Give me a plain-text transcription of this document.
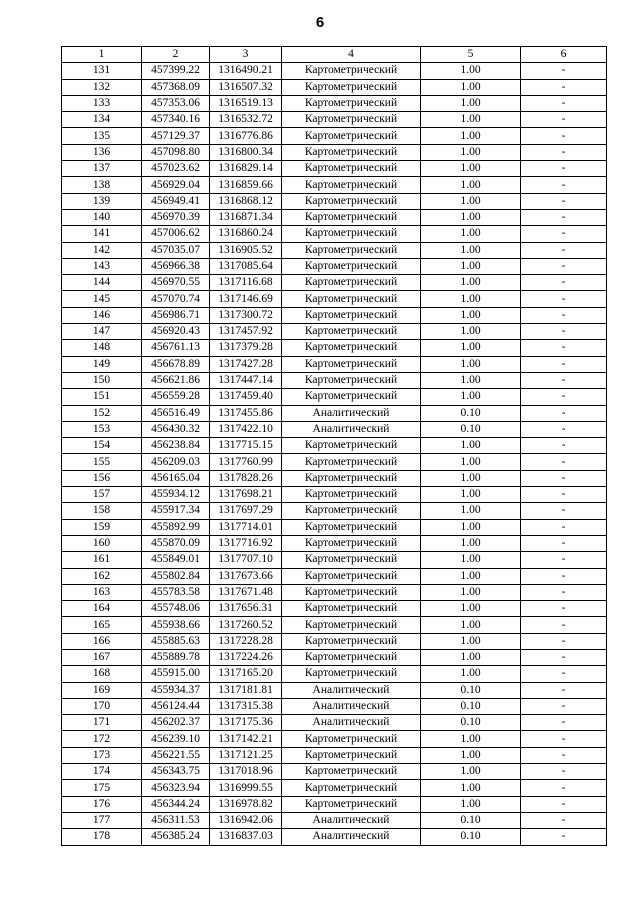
6
1	2	3	4	5	6
131	457399.22	1316490.21	Картометрический	1.00	-
132	457368.09	1316507.32	Картометрический	1.00	-
133	457353.06	1316519.13	Картометрический	1.00	-
134	457340.16	1316532.72	Картометрический	1.00	-
135	457129.37	1316776.86	Картометрический	1.00	-
136	457098.80	1316800.34	Картометрический	1.00	-
137	457023.62	1316829.14	Картометрический	1.00	-
138	456929.04	1316859.66	Картометрический	1.00	-
139	456949.41	1316868.12	Картометрический	1.00	-
140	456970.39	1316871.34	Картометрический	1.00	-
141	457006.62	1316860.24	Картометрический	1.00	-
142	457035.07	1316905.52	Картометрический	1.00	-
143	456966.38	1317085.64	Картометрический	1.00	-
144	456970.55	1317116.68	Картометрический	1.00	-
145	457070.74	1317146.69	Картометрический	1.00	-
146	456986.71	1317300.72	Картометрический	1.00	-
147	456920.43	1317457.92	Картометрический	1.00	-
148	456761.13	1317379.28	Картометрический	1.00	-
149	456678.89	1317427.28	Картометрический	1.00	-
150	456621.86	1317447.14	Картометрический	1.00	-
151	456559.28	1317459.40	Картометрический	1.00	-
152	456516.49	1317455.86	Аналитический	0.10	-
153	456430.32	1317422.10	Аналитический	0.10	-
154	456238.84	1317715.15	Картометрический	1.00	-
155	456209.03	1317760.99	Картометрический	1.00	-
156	456165.04	1317828.26	Картометрический	1.00	-
157	455934.12	1317698.21	Картометрический	1.00	-
158	455917.34	1317697.29	Картометрический	1.00	-
159	455892.99	1317714.01	Картометрический	1.00	-
160	455870.09	1317716.92	Картометрический	1.00	-
161	455849.01	1317707.10	Картометрический	1.00	-
162	455802.84	1317673.66	Картометрический	1.00	-
163	455783.58	1317671.48	Картометрический	1.00	-
164	455748.06	1317656.31	Картометрический	1.00	-
165	455938.66	1317260.52	Картометрический	1.00	-
166	455885.63	1317228.28	Картометрический	1.00	-
167	455889.78	1317224.26	Картометрический	1.00	-
168	455915.00	1317165.20	Картометрический	1.00	-
169	455934.37	1317181.81	Аналитический	0.10	-
170	456124.44	1317315.38	Аналитический	0.10	-
171	456202.37	1317175.36	Аналитический	0.10	-
172	456239.10	1317142.21	Картометрический	1.00	-
173	456221.55	1317121.25	Картометрический	1.00	-
174	456343.75	1317018.96	Картометрический	1.00	-
175	456323.94	1316999.55	Картометрический	1.00	-
176	456344.24	1316978.82	Картометрический	1.00	-
177	456311.53	1316942.06	Аналитический	0.10	-
178	456385.24	1316837.03	Аналитический	0.10	-
